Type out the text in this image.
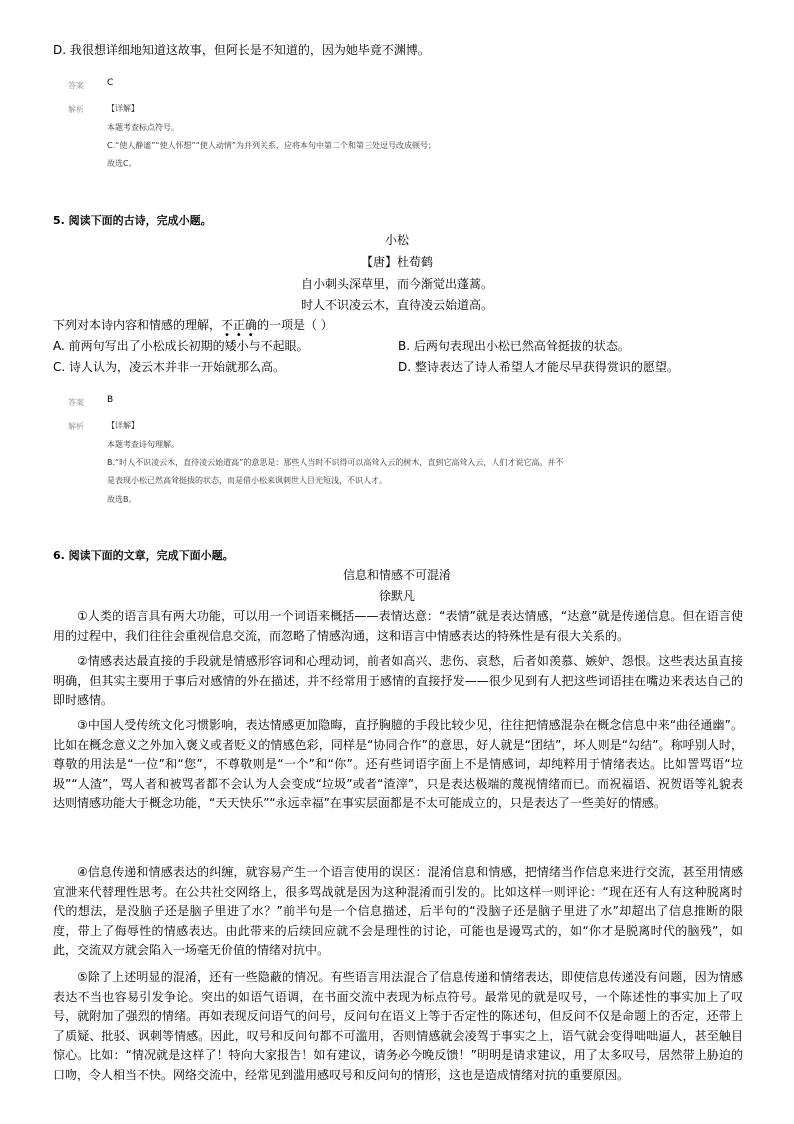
D. 我很想详细地知道这故事，但阿长是不知道的，因为她毕竟不渊博。
答案	C
解析	【详解】
本题考查标点符号。
C.“使人静谧”“使人怀想”“使人动情”为并列关系，应将本句中第二个和第三处逗号改成顿号；
故选C。
5. 阅读下面的古诗，完成小题。
小松
【唐】杜荀鹤
自小刺头深草里，而今渐觉出蓬蒿。
时人不识凌云木，直待凌云始道高。
下列对本诗内容和情感的理解，不正确的一项是（ ）
•••
A. 前两句写出了小松成长初期的矮小与不起眼。	B. 后两句表现出小松已然高耸挺拔的状态。
C. 诗人认为，凌云木并非一开始就那么高。	D. 整诗表达了诗人希望人才能尽早获得赏识的愿望。
答案	B
解析	【详解】
本题考查诗句理解。
B.“时人不识凌云木，直待凌云始道高”的意思是：那些人当时不识得可以高耸入云的树木，直到它高耸入云，人们才说它高。并不
是表现小松已然高耸挺拔的状态，而是借小松来讽刺世人目光短浅，不识人才。
故选B。
6. 阅读下面的文章，完成下面小题。
信息和情感不可混淆
徐默凡

①人类的语言具有两大功能，可以用一个词语来概括——表情达意：“表情”就是表达情感，“达意”就是传递信息。但在语言使用的过程中，我们往往会重视信息交流，而忽略了情感沟通，这和语言中情感表达的特殊性是有很大关系的。

②情感表达最直接的手段就是情感形容词和心理动词，前者如高兴、悲伤、哀愁，后者如羡慕、嫉妒、怨恨。这些表达虽直接明确，但其实主要用于事后对感情的外在描述，并不经常用于感情的直接抒发——很少见到有人把这些词语挂在嘴边来表达自己的即时感情。

③中国人受传统文化习惯影响，表达情感更加隐晦，直抒胸臆的手段比较少见，往往把情感混杂在概念信息中来“曲径通幽”。比如在概念意义之外加入褒义或者贬义的情感色彩，同样是“协同合作”的意思，好人就是“团结”，坏人则是“勾结”。称呼别人时，尊敬的用法是“一位”和“您”，不尊敬则是“一个”和“你”。还有些词语字面上不是情感词，却纯粹用于情绪表达。比如詈骂语“垃圾”“人渣”，骂人者和被骂者都不会认为人会变成“垃圾”或者“渣滓”，只是表达极端的蔑视情绪而已。而祝福语、祝贺语等礼貌表达则情感功能大于概念功能，“天天快乐”“永远幸福”在事实层面都是不太可能成立的，只是表达了一些美好的情感。

④信息传递和情感表达的纠缠，就容易产生一个语言使用的误区：混淆信息和情感，把情绪当作信息来进行交流，甚至用情感宣泄来代替理性思考。在公共社交网络上，很多骂战就是因为这种混淆而引发的。比如这样一则评论：“现在还有人有这种脱离时代的想法，是没脑子还是脑子里进了水？”前半句是一个信息描述，后半句的“没脑子还是脑子里进了水”却超出了信息推断的限度，带上了侮辱性的情感表达。由此带来的后续回应就不会是理性的讨论，可能也是谩骂式的，如“你才是脱离时代的脑残”，如此，交流双方就会陷入一场毫无价值的情绪对抗中。

⑤除了上述明显的混淆，还有一些隐蔽的情况。有些语言用法混合了信息传递和情绪表达，即使信息传递没有问题，因为情感表达不当也容易引发争论。突出的如语气语调，在书面交流中表现为标点符号。最常见的就是叹号，一个陈述性的事实加上了叹号，就附加了强烈的情绪。再如表现反问语气的问号，反问句在语义上等于否定性的陈述句，但反问不仅是命题上的否定，还带上了质疑、批驳、讽刺等情感。因此，叹号和反问句都不可滥用，否则情感就会凌驾于事实之上，语气就会变得咄咄逼人，甚至触目惊心。比如：“情况就是这样了！特向大家报告！如有建议，请务必今晚反馈！”明明是请求建议，用了太多叹号，居然带上胁迫的口吻，令人相当不快。网络交流中，经常见到滥用感叹号和反问句的情形，这也是造成情绪对抗的重要原因。
